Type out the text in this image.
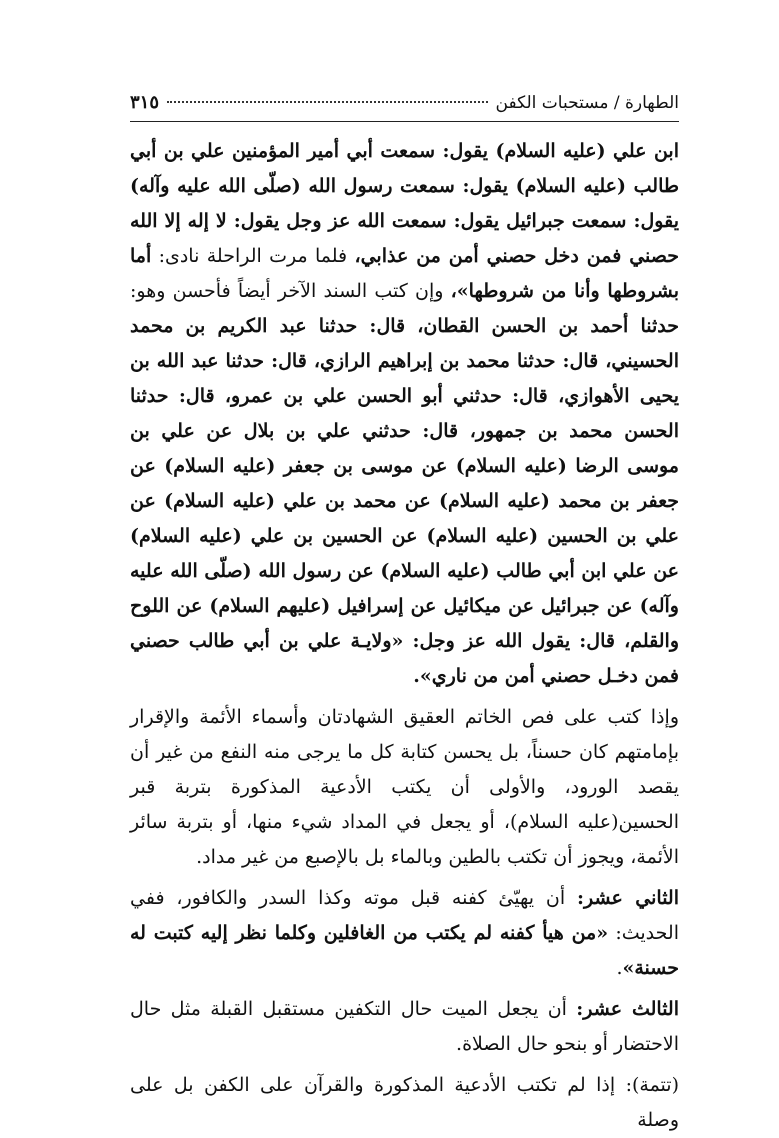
الطهارة / مستحبات الكفن
٣١٥

ابن علي (عليه السلام) يقول: سمعت أبي أمير المؤمنين علي بن أبي طالب (عليه السلام) يقول: سمعت رسول الله (صلّى الله عليه وآله) يقول: سمعت جبرائيل يقول: سمعت الله عز وجل يقول: لا إله إلا الله حصني فمن دخل حصني أمن من عذابي، فلما مرت الراحلة نادى: أما بشروطها وأنا من شروطها»، وإن كتب السند الآخر أيضاً فأحسن وهو: حدثنا أحمد بن الحسن القطان، قال: حدثنا عبد الكريم بن محمد الحسيني، قال: حدثنا محمد بن إبراهيم الرازي، قال: حدثنا عبد الله بن يحيى الأهوازي، قال: حدثني أبو الحسن علي بن عمرو، قال: حدثنا الحسن محمد بن جمهور، قال: حدثني علي بن بلال عن علي بن موسى الرضا (عليه السلام) عن موسى بن جعفر (عليه السلام) عن جعفر بن محمد (عليه السلام) عن محمد بن علي (عليه السلام) عن علي بن الحسين (عليه السلام) عن الحسين بن علي (عليه السلام) عن علي ابن أبي طالب (عليه السلام) عن رسول الله (صلّى الله عليه وآله) عن جبرائيل عن ميكائيل عن إسرافيل (عليهم السلام) عن اللوح والقلم، قال: يقول الله عز وجل: «ولايـة علي بن أبي طالب حصني فمن دخـل حصني أمن من ناري».

وإذا كتب على فص الخاتم العقيق الشهادتان وأسماء الأئمة والإقرار بإمامتهم كان حسناً، بل يحسن كتابة كل ما يرجى منه النفع من غير أن يقصد الورود، والأولى أن يكتب الأدعية المذكورة بتربة قبر الحسين(عليه السلام)، أو يجعل في المداد شيء منها، أو بتربة سائر الأئمة، ويجوز أن تكتب بالطين وبالماء بل بالإصبع من غير مداد.

الثاني عشر: أن يهيّئ كفنه قبل موته وكذا السدر والكافور، ففي الحديث: «من هيأ كفنه لم يكتب من الغافلين وكلما نظر إليه كتبت له حسنة».

الثالث عشر: أن يجعل الميت حال التكفين مستقبل القبلة مثل حال الاحتضار أو بنحو حال الصلاة.

(تتمة): إذا لم تكتب الأدعية المذكورة والقرآن على الكفن بل على وصلة
